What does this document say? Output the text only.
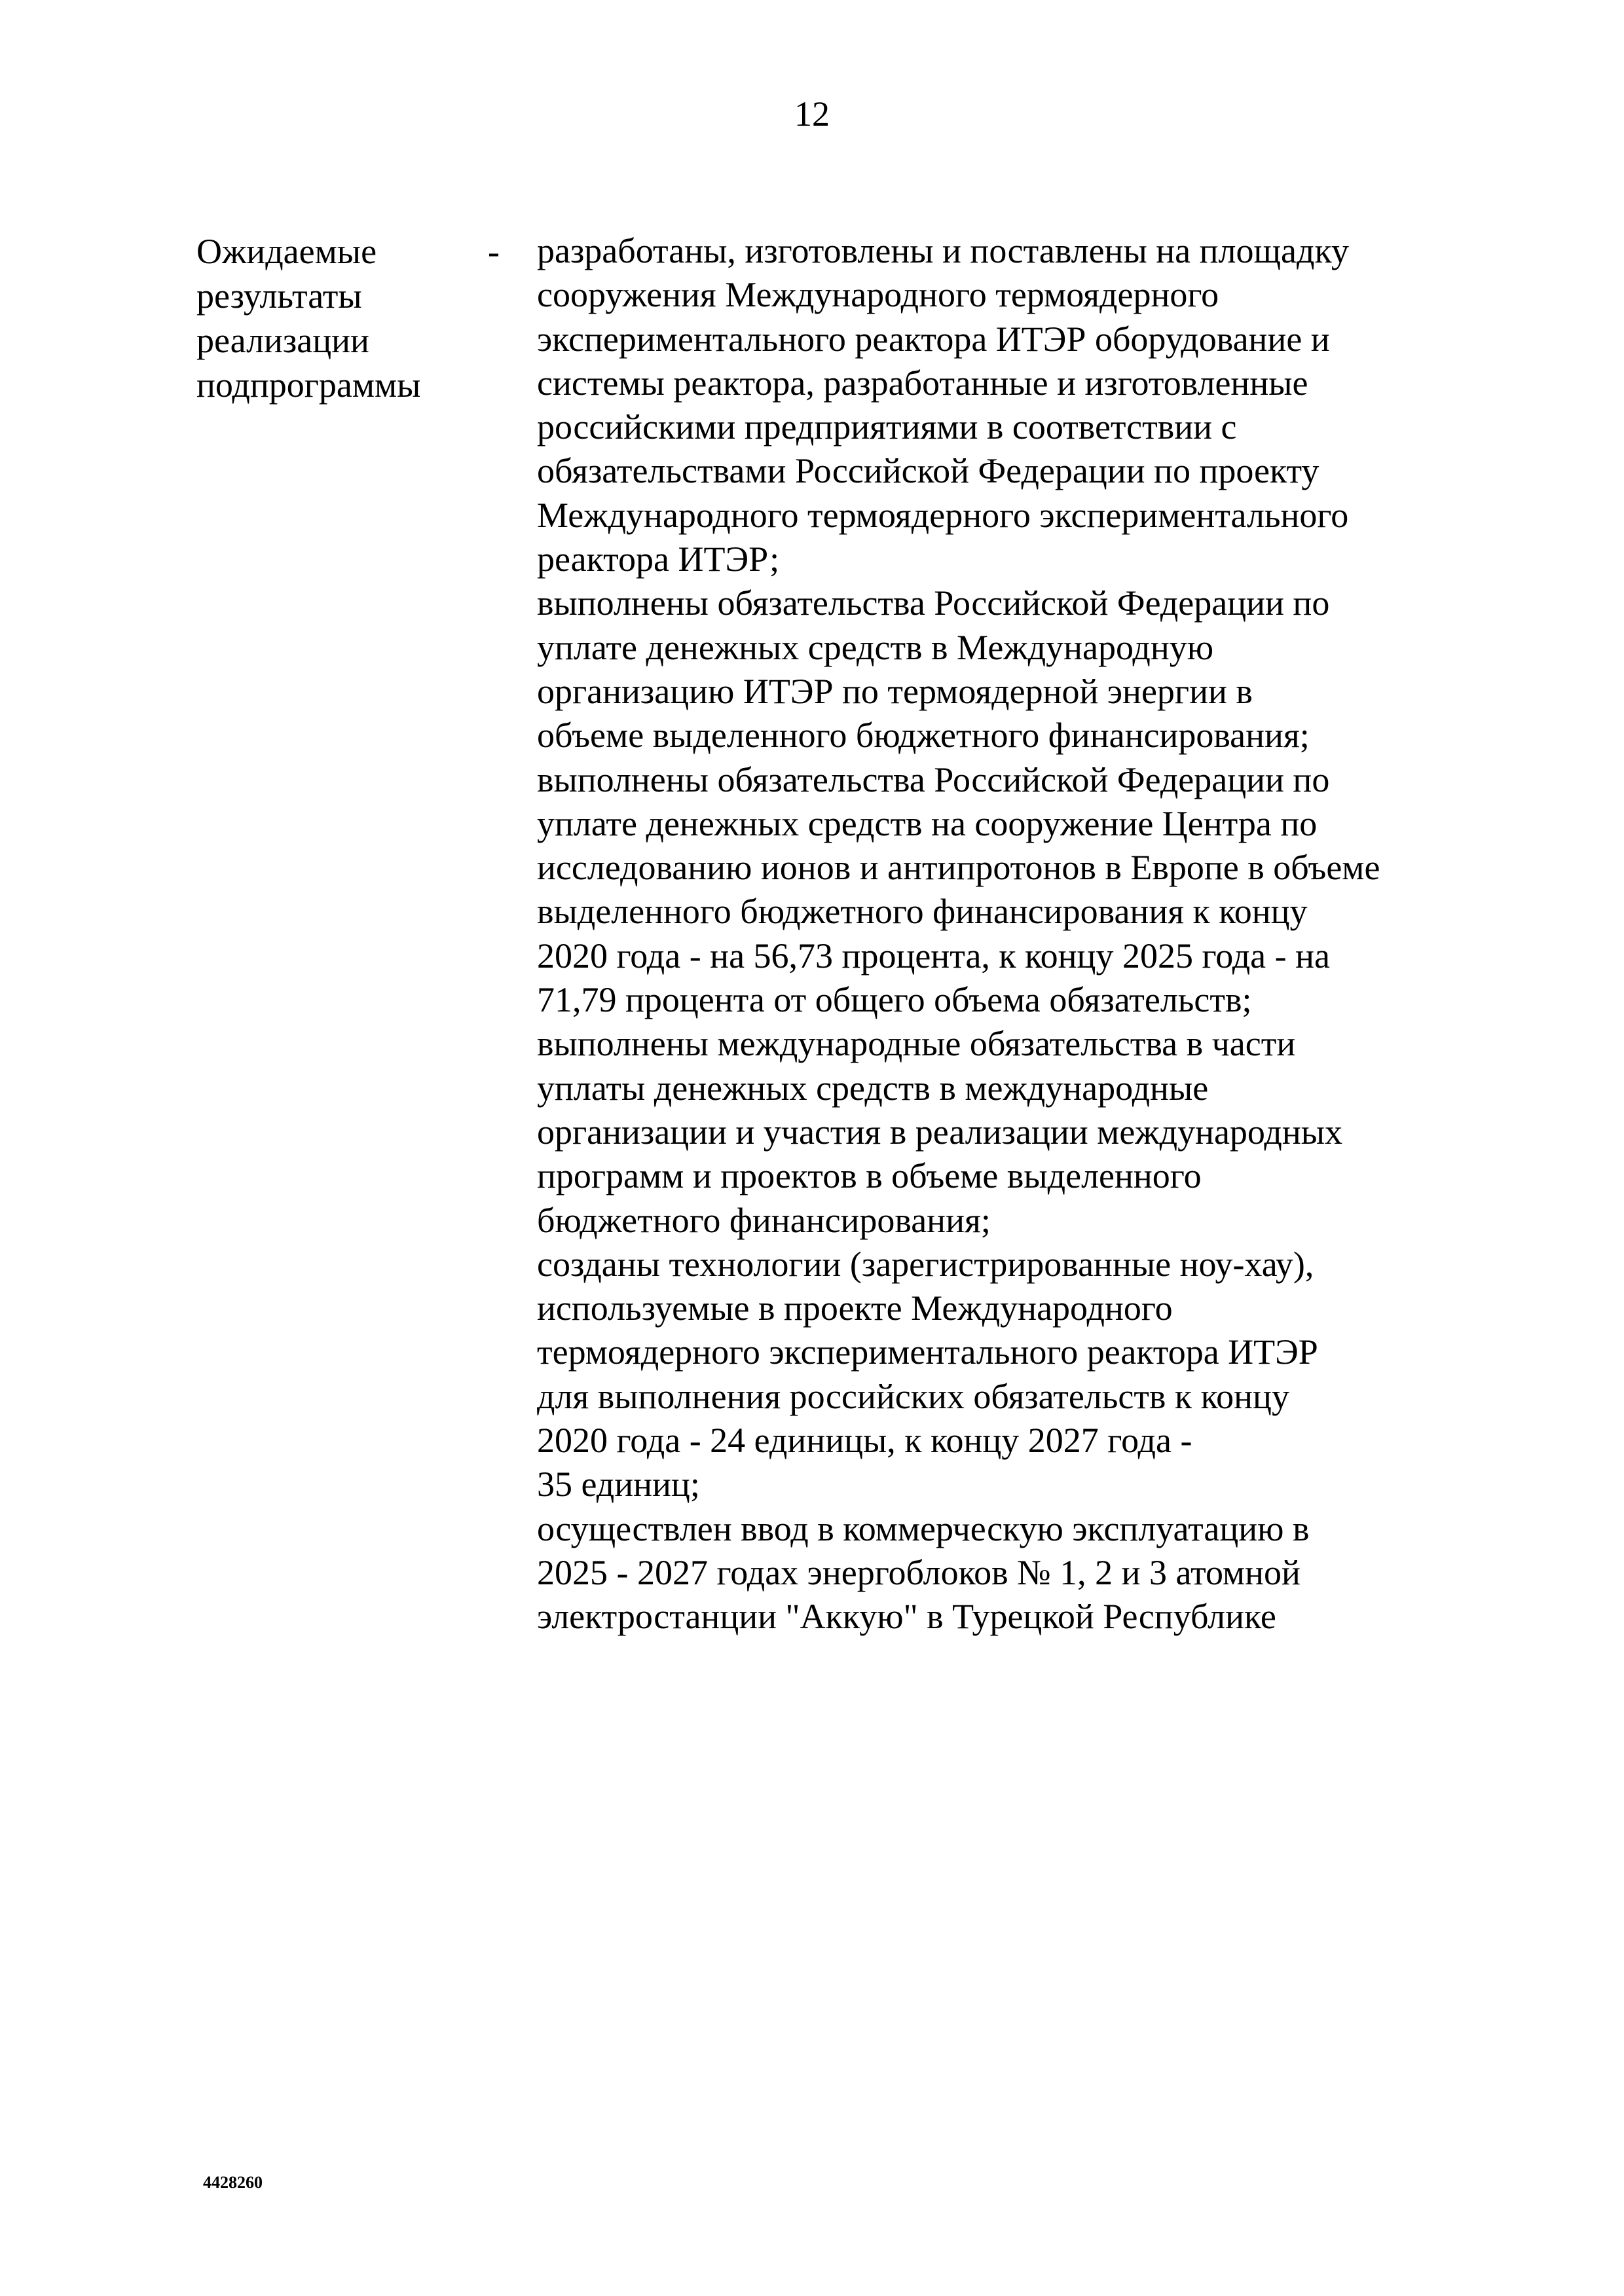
12
Ожидаемые
результаты
реализации
подпрограммы
- разработаны, изготовлены и поставлены на площадку
сооружения Международного термоядерного
экспериментального реактора ИТЭР оборудование и
системы реактора, разработанные и изготовленные
российскими предприятиями в соответствии с
обязательствами Российской Федерации по проекту
Международного термоядерного экспериментального
реактора ИТЭР;
выполнены обязательства Российской Федерации по
уплате денежных средств в Международную
организацию ИТЭР по термоядерной энергии в
объеме выделенного бюджетного финансирования;
выполнены обязательства Российской Федерации по
уплате денежных средств на сооружение Центра по
исследованию ионов и антипротонов в Европе в объеме
выделенного бюджетного финансирования к концу
2020 года - на 56,73 процента, к концу 2025 года - на
71,79 процента от общего объема обязательств;
выполнены международные обязательства в части
уплаты денежных средств в международные
организации и участия в реализации международных
программ и проектов в объеме выделенного
бюджетного финансирования;
созданы технологии (зарегистрированные ноу-хау),
используемые в проекте Международного
термоядерного экспериментального реактора ИТЭР
для выполнения российских обязательств к концу
2020 года - 24 единицы, к концу 2027 года -
35 единиц;
осуществлен ввод в коммерческую эксплуатацию в
2025 - 2027 годах энергоблоков № 1, 2 и 3 атомной
электростанции "Аккую" в Турецкой Республике
4428260
